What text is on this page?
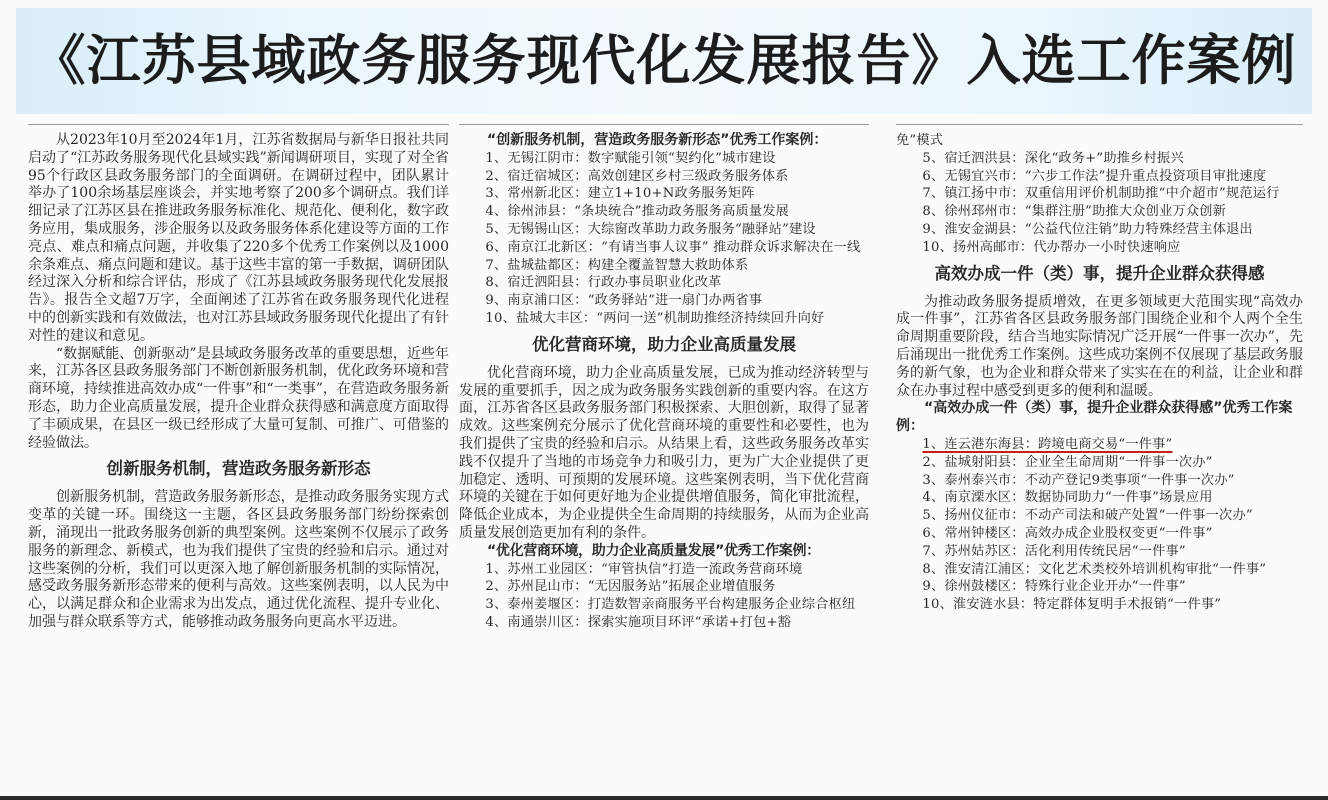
《江苏县域政务服务现代化发展报告》入选工作案例

从2023年10月至2024年1月，江苏省数据局与新华日报社共同启动了“江苏政务服务现代化县域实践”新闻调研项目，实现了对全省95个行政区县政务服务部门的全面调研。在调研过程中，团队累计举办了100余场基层座谈会，并实地考察了200多个调研点。我们详细记录了江苏区县在推进政务服务标准化、规范化、便利化，数字政务应用，集成服务，涉企服务以及政务服务体系化建设等方面的工作亮点、难点和痛点问题，并收集了220多个优秀工作案例以及1000余条难点、痛点问题和建议。基于这些丰富的第一手数据，调研团队经过深入分析和综合评估，形成了《江苏县域政务服务现代化发展报告》。报告全文超7万字，全面阐述了江苏省在政务服务现代化进程中的创新实践和有效做法，也对江苏县域政务服务现代化提出了有针对性的建议和意见。

“数据赋能、创新驱动”是县域政务服务改革的重要思想，近些年来，江苏各区县政务服务部门不断创新服务机制，优化政务环境和营商环境，持续推进高效办成“一件事”和“一类事”，在营造政务服务新形态，助力企业高质量发展，提升企业群众获得感和满意度方面取得了丰硕成果，在县区一级已经形成了大量可复制、可推广、可借鉴的经验做法。

创新服务机制，营造政务服务新形态

创新服务机制，营造政务服务新形态，是推动政务服务实现方式变革的关键一环。围绕这一主题，各区县政务服务部门纷纷探索创新，涌现出一批政务服务创新的典型案例。这些案例不仅展示了政务服务的新理念、新模式，也为我们提供了宝贵的经验和启示。通过对这些案例的分析，我们可以更深入地了解创新服务机制的实际情况，感受政务服务新形态带来的便利与高效。这些案例表明，以人民为中心，以满足群众和企业需求为出发点，通过优化流程、提升专业化、加强与群众联系等方式，能够推动政务服务向更高水平迈进。

“创新服务机制，营造政务服务新形态”优秀工作案例：
1、无锡江阴市：数字赋能引领“契约化”城市建设
2、宿迁宿城区：高效创建区乡村三级政务服务体系
3、常州新北区：建立1+10+N政务服务矩阵
4、徐州沛县：“条块统合”推动政务服务高质量发展
5、无锡锡山区：大综窗改革助力政务服务“融驿站”建设
6、南京江北新区：“有请当事人议事” 推动群众诉求解决在一线
7、盐城盐都区：构建全覆盖智慧大救助体系
8、宿迁泗阳县：行政办事员职业化改革
9、南京浦口区：“政务驿站”进一扇门办两省事
10、盐城大丰区：“两问一送”机制助推经济持续回升向好
优化营商环境，助力企业高质量发展

优化营商环境，助力企业高质量发展，已成为推动经济转型与发展的重要抓手，因之成为政务服务实践创新的重要内容。在这方面，江苏省各区县政务服务部门积极探索、大胆创新，取得了显著成效。这些案例充分展示了优化营商环境的重要性和必要性，也为我们提供了宝贵的经验和启示。从结果上看，这些政务服务改革实践不仅提升了当地的市场竞争力和吸引力，更为广大企业提供了更加稳定、透明、可预期的发展环境。这些案例表明，当下优化营商环境的关键在于如何更好地为企业提供增值服务，简化审批流程，降低企业成本，为企业提供全生命周期的持续服务，从而为企业高质量发展创造更加有利的条件。

“优化营商环境，助力企业高质量发展”优秀工作案例：
1、苏州工业园区：“审管执信”打造一流政务营商环境
2、苏州昆山市：“无因服务站”拓展企业增值服务
3、泰州姜堰区：打造数智亲商服务平台构建服务企业综合枢纽
4、南通崇川区：探索实施项目环评“承诺+打包+豁
免”模式
5、宿迁泗洪县：深化“政务+”助推乡村振兴
6、无锡宜兴市：“六步工作法”提升重点投资项目审批速度
7、镇江扬中市：双重信用评价机制助推“中介超市”规范运行
8、徐州邳州市：“集群注册”助推大众创业万众创新
9、淮安金湖县：“公益代位注销”助力特殊经营主体退出
10、扬州高邮市：代办帮办一小时快速响应
高效办成一件（类）事，提升企业群众获得感

为推动政务服务提质增效，在更多领域更大范围实现“高效办成一件事”，江苏省各区县政务服务部门围绕企业和个人两个全生命周期重要阶段，结合当地实际情况广泛开展“一件事一次办”，先后涌现出一批优秀工作案例。这些成功案例不仅展现了基层政务服务的新气象，也为企业和群众带来了实实在在的利益，让企业和群众在办事过程中感受到更多的便利和温暖。

“高效办成一件（类）事，提升企业群众获得感”优秀工作案例：
1、连云港东海县：跨境电商交易“一件事”
2、盐城射阳县：企业全生命周期“一件事一次办”
3、泰州泰兴市：不动产登记9类事项“一件事一次办”
4、南京溧水区：数据协同助力“一件事”场景应用
5、扬州仪征市：不动产司法和破产处置“一件事一次办”
6、常州钟楼区：高效办成企业股权变更“一件事”
7、苏州姑苏区：活化利用传统民居“一件事”
8、淮安清江浦区：文化艺术类校外培训机构审批“一件事”
9、徐州鼓楼区：特殊行业企业开办“一件事”
10、淮安涟水县：特定群体复明手术报销“一件事”
